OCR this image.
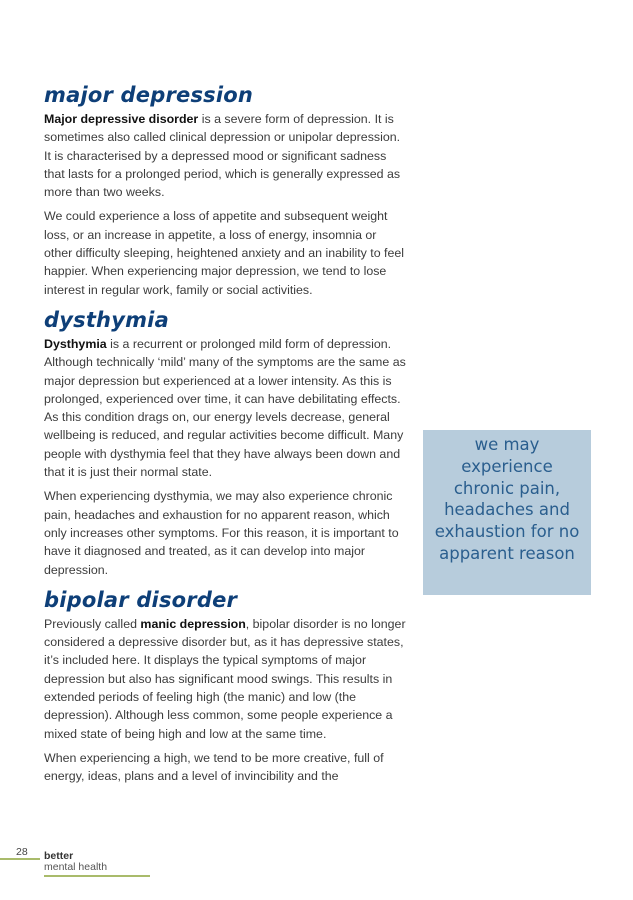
major depression

Major depressive disorder is a severe form of depression. It is sometimes also called clinical depression or unipolar depression. It is characterised by a depressed mood or significant sadness that lasts for a prolonged period, which is generally expressed as more than two weeks.

We could experience a loss of appetite and subsequent weight loss, or an increase in appetite, a loss of energy, insomnia or other difficulty sleeping, heightened anxiety and an inability to feel happier. When experiencing major depression, we tend to lose interest in regular work, family or social activities.

dysthymia

Dysthymia is a recurrent or prolonged mild form of depression. Although technically ‘mild’ many of the symptoms are the same as major depression but experienced at a lower intensity. As this is prolonged, experienced over time, it can have debilitating effects. As this condition drags on, our energy levels decrease, general wellbeing is reduced, and regular activities become difficult. Many people with dysthymia feel that they have always been down and that it is just their normal state.

When experiencing dysthymia, we may also experience chronic pain, headaches and exhaustion for no apparent reason, which only increases other symptoms. For this reason, it is important to have it diagnosed and treated, as it can develop into major depression.

bipolar disorder

Previously called manic depression, bipolar disorder is no longer considered a depressive disorder but, as it has depressive states, it’s included here. It displays the typical symptoms of major depression but also has significant mood swings. This results in extended periods of feeling high (the manic) and low (the depression). Although less common, some people experience a mixed state of being high and low at the same time.

When experiencing a high, we tend to be more creative, full of energy, ideas, plans and a level of invincibility and the

we may experience chronic pain, headaches and exhaustion for no apparent reason
28 better
mental health
